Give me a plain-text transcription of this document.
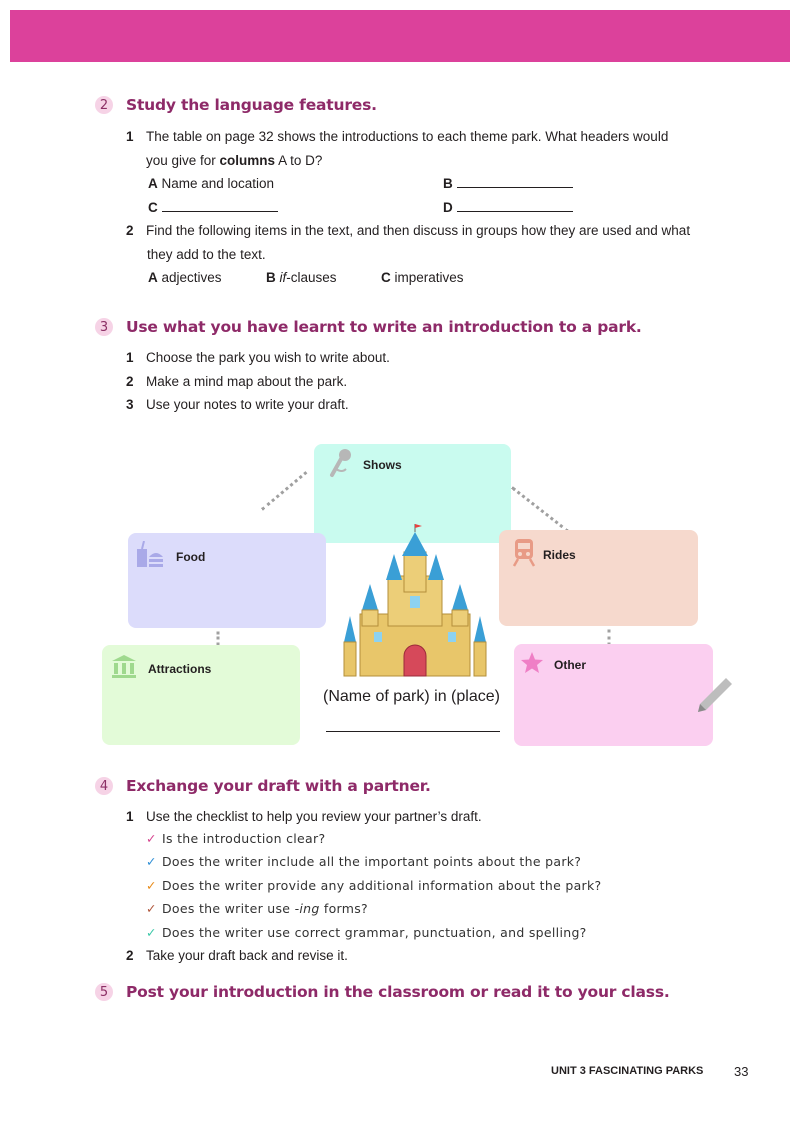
2	Study the language features.
1 The table on page 32 shows the introductions to each theme park. What headers would
you give for columns A to D?
A Name and location	B
C	D
2 Find the following items in the text, and then discuss in groups how they are used and what
they add to the text.
A adjectives	B if-clauses	C imperatives
3	Use what you have learnt to write an introduction to a park.
1 Choose the park you wish to write about.
2 Make a mind map about the park.
3 Use your notes to write your draft.
Shows
Food	Rides
Attractions	Other
(Name of park) in (place)
4	Exchange your draft with a partner.
1 Use the checklist to help you review your partner’s draft.
✓ Is the introduction clear?
✓ Does the writer include all the important points about the park?
✓ Does the writer provide any additional information about the park?
✓ Does the writer use -ing forms?
✓ Does the writer use correct grammar, punctuation, and spelling?
2 Take your draft back and revise it.
5	Post your introduction in the classroom or read it to your class.
UNIT 3 FASCINATING PARKS 33
